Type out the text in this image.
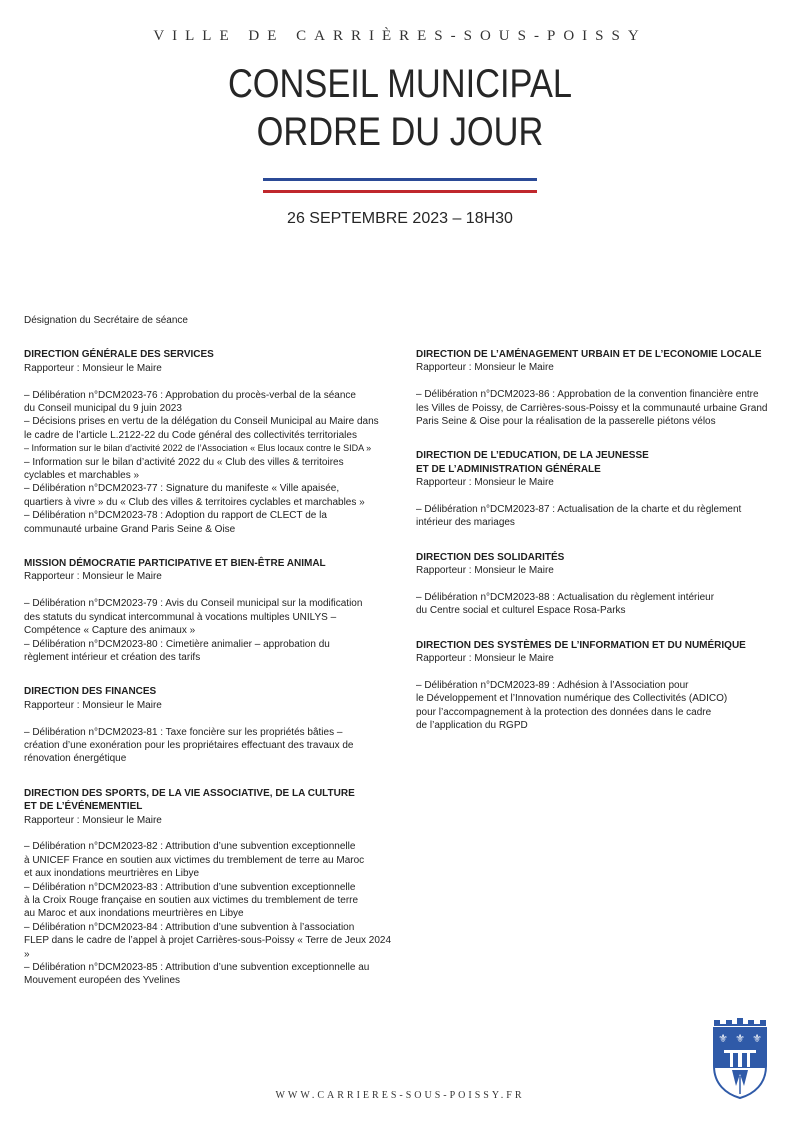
VILLE DE CARRIÈRES-SOUS-POISSY
CONSEIL MUNICIPAL
ORDRE DU JOUR
26 SEPTEMBRE 2023 – 18H30
Désignation du Secrétaire de séance
DIRECTION GÉNÉRALE DES SERVICES
Rapporteur : Monsieur le Maire
– Délibération n°DCM2023-76 : Approbation du procès-verbal de la séance
du Conseil municipal du 9 juin 2023
– Décisions prises en vertu de la délégation du Conseil Municipal au Maire dans
le cadre de l’article L.2122-22 du Code général des collectivités territoriales
– Information sur le bilan d’activité 2022 de l’Association « Elus locaux contre le SIDA »
– Information sur le bilan d’activité 2022 du « Club des villes & territoires
cyclables et marchables »
– Délibération n°DCM2023-77 : Signature du manifeste « Ville apaisée,
quartiers à vivre » du « Club des villes & territoires cyclables et marchables »
– Délibération n°DCM2023-78 : Adoption du rapport de CLECT de la
communauté urbaine Grand Paris Seine & Oise
MISSION DÉMOCRATIE PARTICIPATIVE ET BIEN-ÊTRE ANIMAL
Rapporteur : Monsieur le Maire
– Délibération n°DCM2023-79 : Avis du Conseil municipal sur la modification
des statuts du syndicat intercommunal à vocations multiples UNILYS –
Compétence « Capture des animaux »
– Délibération n°DCM2023-80 : Cimetière animalier – approbation du
règlement intérieur et création des tarifs
DIRECTION DES FINANCES
Rapporteur : Monsieur le Maire
– Délibération n°DCM2023-81 : Taxe foncière sur les propriétés bâties –
création d’une exonération pour les propriétaires effectuant des travaux de
rénovation énergétique
DIRECTION DES SPORTS, DE LA VIE ASSOCIATIVE, DE LA CULTURE
ET DE L’ÉVÉNEMENTIEL
Rapporteur : Monsieur le Maire
– Délibération n°DCM2023-82 : Attribution d’une subvention exceptionnelle
à UNICEF France en soutien aux victimes du tremblement de terre au Maroc
et aux inondations meurtrières en Libye
– Délibération n°DCM2023-83 : Attribution d’une subvention exceptionnelle
à la Croix Rouge française en soutien aux victimes du tremblement de terre
au Maroc et aux inondations meurtrières en Libye
– Délibération n°DCM2023-84 : Attribution d’une subvention à l’association
FLEP dans le cadre de l’appel à projet Carrières-sous-Poissy « Terre de Jeux 2024 »
– Délibération n°DCM2023-85 : Attribution d’une subvention exceptionnelle au
Mouvement européen des Yvelines
DIRECTION DE L’AMÉNAGEMENT URBAIN ET DE L’ECONOMIE LOCALE
Rapporteur : Monsieur le Maire
– Délibération n°DCM2023-86 : Approbation de la convention financière entre
les Villes de Poissy, de Carrières-sous-Poissy et la communauté urbaine Grand
Paris Seine & Oise pour la réalisation de la passerelle piétons vélos
DIRECTION DE L’EDUCATION, DE LA JEUNESSE
ET DE L’ADMINISTRATION GÉNÉRALE
Rapporteur : Monsieur le Maire
– Délibération n°DCM2023-87 : Actualisation de la charte et du règlement
intérieur des mariages
DIRECTION DES SOLIDARITÉS
Rapporteur : Monsieur le Maire
– Délibération n°DCM2023-88 : Actualisation du règlement intérieur
du Centre social et culturel Espace Rosa-Parks
DIRECTION DES SYSTÈMES DE L’INFORMATION ET DU NUMÉRIQUE
Rapporteur : Monsieur le Maire
– Délibération n°DCM2023-89 : Adhésion à l’Association pour
le Développement et l’Innovation numérique des Collectivités (ADICO)
pour l’accompagnement à la protection des données dans le cadre
de l’application du RGPD
⚜ ⚜ ⚜
WWW.CARRIERES-SOUS-POISSY.FR
